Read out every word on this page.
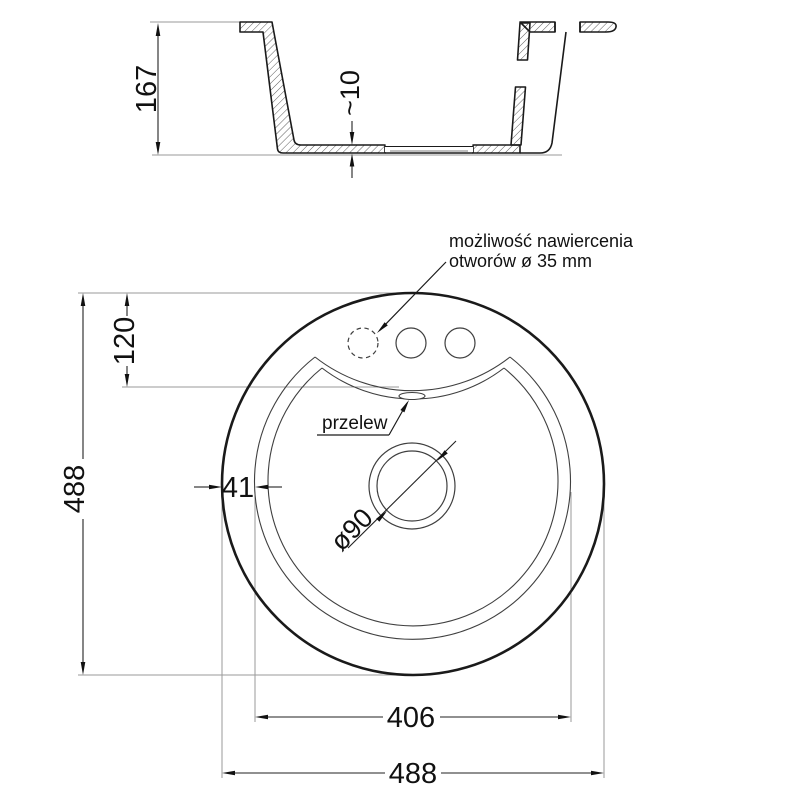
167	~10
ø90
możliwość nawiercenia
otworów ø 35 mm
przelew
488
120
41
406
488
